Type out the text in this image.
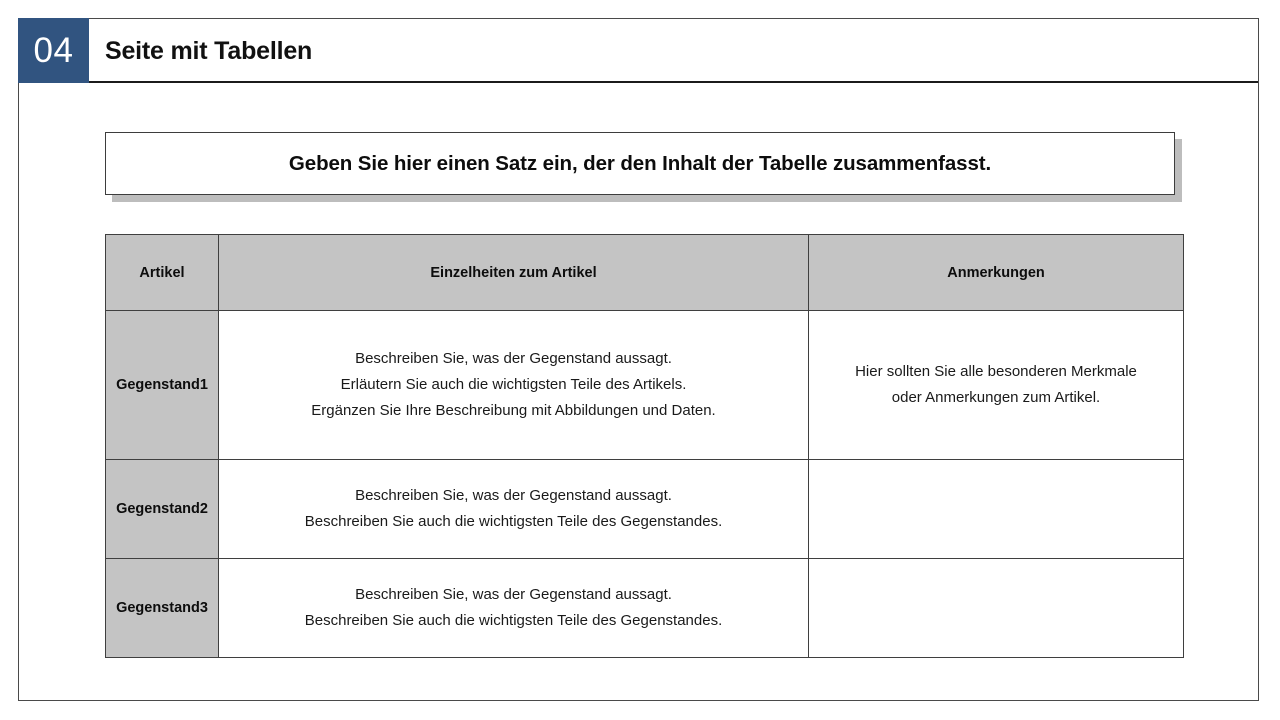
04 Seite mit Tabellen
Geben Sie hier einen Satz ein, der den Inhalt der Tabelle zusammenfasst.
Artikel	Einzelheiten zum Artikel	Anmerkungen
Gegenstand1	Beschreiben Sie, was der Gegenstand aussagt.
Erläutern Sie auch die wichtigsten Teile des Artikels.
Ergänzen Sie Ihre Beschreibung mit Abbildungen und Daten.	Hier sollten Sie alle besonderen Merkmale
oder Anmerkungen zum Artikel.

Gegenstand2	Beschreiben Sie, was der Gegenstand aussagt.
Beschreiben Sie auch die wichtigsten Teile des Gegenstandes.	

Gegenstand3	Beschreiben Sie, was der Gegenstand aussagt.
Beschreiben Sie auch die wichtigsten Teile des Gegenstandes.	
